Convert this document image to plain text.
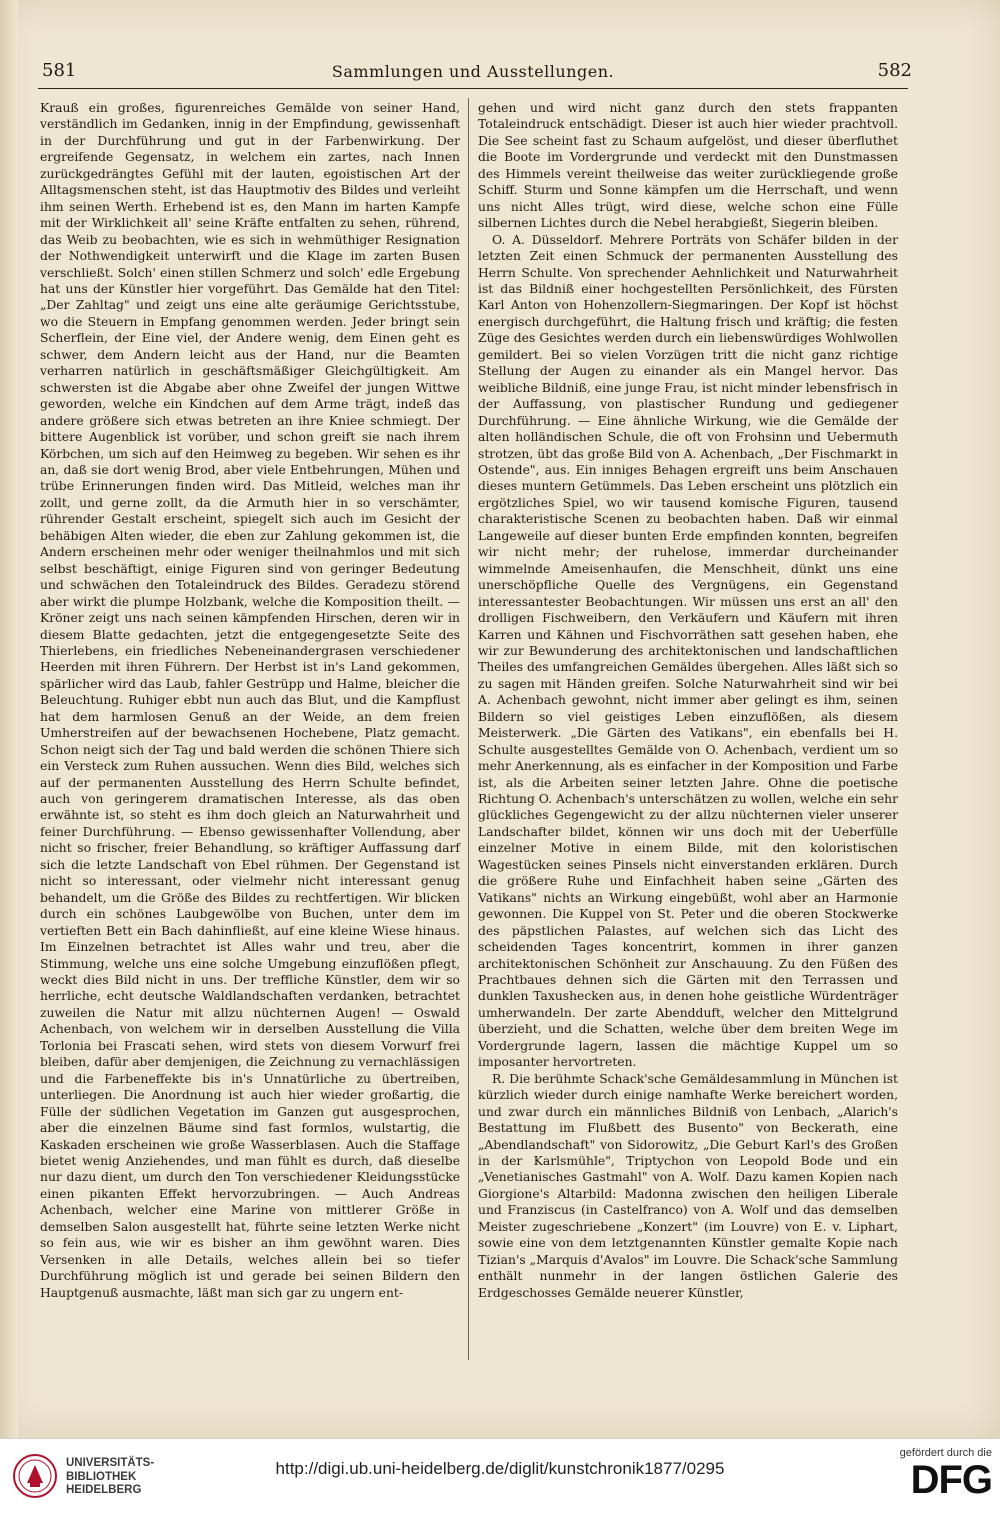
581	Sammlungen und Ausstellungen.	582

Krauß ein großes, figurenreiches Gemälde von seiner Hand, verständlich im Gedanken, innig in der Empfindung, gewissenhaft in der Durchführung und gut in der Farbenwirkung. Der ergreifende Gegensatz, in welchem ein zartes, nach Innen zurückgedrängtes Gefühl mit der lauten, egoistischen Art der Alltagsmenschen steht, ist das Hauptmotiv des Bildes und verleiht ihm seinen Werth. Erhebend ist es, den Mann im harten Kampfe mit der Wirklichkeit all' seine Kräfte entfalten zu sehen, rührend, das Weib zu beobachten, wie es sich in wehmüthiger Resignation der Nothwendigkeit unterwirft und die Klage im zarten Busen verschließt. Solch' einen stillen Schmerz und solch' edle Ergebung hat uns der Künstler hier vorgeführt. Das Gemälde hat den Titel: „Der Zahltag" und zeigt uns eine alte geräumige Gerichtsstube, wo die Steuern in Empfang genommen werden. Jeder bringt sein Scherflein, der Eine viel, der Andere wenig, dem Einen geht es schwer, dem Andern leicht aus der Hand, nur die Beamten verharren natürlich in geschäftsmäßiger Gleichgültigkeit. Am schwersten ist die Abgabe aber ohne Zweifel der jungen Wittwe geworden, welche ein Kindchen auf dem Arme trägt, indeß das andere größere sich etwas betreten an ihre Kniee schmiegt. Der bittere Augenblick ist vorüber, und schon greift sie nach ihrem Körbchen, um sich auf den Heimweg zu begeben. Wir sehen es ihr an, daß sie dort wenig Brod, aber viele Entbehrungen, Mühen und trübe Erinnerungen finden wird. Das Mitleid, welches man ihr zollt, und gerne zollt, da die Armuth hier in so verschämter, rührender Gestalt erscheint, spiegelt sich auch im Gesicht der behäbigen Alten wieder, die eben zur Zahlung gekommen ist, die Andern erscheinen mehr oder weniger theilnahmlos und mit sich selbst beschäftigt, einige Figuren sind von geringer Bedeutung und schwächen den Totaleindruck des Bildes. Geradezu störend aber wirkt die plumpe Holzbank, welche die Komposition theilt. — Kröner zeigt uns nach seinen kämpfenden Hirschen, deren wir in diesem Blatte gedachten, jetzt die entgegengesetzte Seite des Thierlebens, ein friedliches Nebeneinandergrasen verschiedener Heerden mit ihren Führern. Der Herbst ist in's Land gekommen, spärlicher wird das Laub, fahler Gestrüpp und Halme, bleicher die Beleuchtung. Ruhiger ebbt nun auch das Blut, und die Kampflust hat dem harmlosen Genuß an der Weide, an dem freien Umherstreifen auf der bewachsenen Hochebene, Platz gemacht. Schon neigt sich der Tag und bald werden die schönen Thiere sich ein Versteck zum Ruhen aussuchen. Wenn dies Bild, welches sich auf der permanenten Ausstellung des Herrn Schulte befindet, auch von geringerem dramatischen Interesse, als das oben erwähnte ist, so steht es ihm doch gleich an Naturwahrheit und feiner Durchführung. — Ebenso gewissenhafter Vollendung, aber nicht so frischer, freier Behandlung, so kräftiger Auffassung darf sich die letzte Landschaft von Ebel rühmen. Der Gegenstand ist nicht so interessant, oder vielmehr nicht interessant genug behandelt, um die Größe des Bildes zu rechtfertigen. Wir blicken durch ein schönes Laubgewölbe von Buchen, unter dem im vertieften Bett ein Bach dahinfließt, auf eine kleine Wiese hinaus. Im Einzelnen betrachtet ist Alles wahr und treu, aber die Stimmung, welche uns eine solche Umgebung einzuflößen pflegt, weckt dies Bild nicht in uns. Der treffliche Künstler, dem wir so herrliche, echt deutsche Waldlandschaften verdanken, betrachtet zuweilen die Natur mit allzu nüchternen Augen! — Oswald Achenbach, von welchem wir in derselben Ausstellung die Villa Torlonia bei Frascati sehen, wird stets von diesem Vorwurf frei bleiben, dafür aber demjenigen, die Zeichnung zu vernachlässigen und die Farbeneffekte bis in's Unnatürliche zu übertreiben, unterliegen. Die Anordnung ist auch hier wieder großartig, die Fülle der südlichen Vegetation im Ganzen gut ausgesprochen, aber die einzelnen Bäume sind fast formlos, wulstartig, die Kaskaden erscheinen wie große Wasserblasen. Auch die Staffage bietet wenig Anziehendes, und man fühlt es durch, daß dieselbe nur dazu dient, um durch den Ton verschiedener Kleidungsstücke einen pikanten Effekt hervorzubringen. — Auch Andreas Achenbach, welcher eine Marine von mittlerer Größe in demselben Salon ausgestellt hat, führte seine letzten Werke nicht so fein aus, wie wir es bisher an ihm gewöhnt waren. Dies Versenken in alle Details, welches allein bei so tiefer Durchführung möglich ist und gerade bei seinen Bildern den Hauptgenuß ausmachte, läßt man sich gar zu ungern ent-

gehen und wird nicht ganz durch den stets frappanten Totaleindruck entschädigt. Dieser ist auch hier wieder prachtvoll. Die See scheint fast zu Schaum aufgelöst, und dieser überfluthet die Boote im Vordergrunde und verdeckt mit den Dunstmassen des Himmels vereint theilweise das weiter zurückliegende große Schiff. Sturm und Sonne kämpfen um die Herrschaft, und wenn uns nicht Alles trügt, wird diese, welche schon eine Fülle silbernen Lichtes durch die Nebel herabgießt, Siegerin bleiben.

O. A. Düsseldorf. Mehrere Porträts von Schäfer bilden in der letzten Zeit einen Schmuck der permanenten Ausstellung des Herrn Schulte. Von sprechender Aehnlichkeit und Naturwahrheit ist das Bildniß einer hochgestellten Persönlichkeit, des Fürsten Karl Anton von Hohenzollern-Siegmaringen. Der Kopf ist höchst energisch durchgeführt, die Haltung frisch und kräftig; die festen Züge des Gesichtes werden durch ein liebenswürdiges Wohlwollen gemildert. Bei so vielen Vorzügen tritt die nicht ganz richtige Stellung der Augen zu einander als ein Mangel hervor. Das weibliche Bildniß, eine junge Frau, ist nicht minder lebensfrisch in der Auffassung, von plastischer Rundung und gediegener Durchführung. — Eine ähnliche Wirkung, wie die Gemälde der alten holländischen Schule, die oft von Frohsinn und Uebermuth strotzen, übt das große Bild von A. Achenbach, „Der Fischmarkt in Ostende", aus. Ein inniges Behagen ergreift uns beim Anschauen dieses muntern Getümmels. Das Leben erscheint uns plötzlich ein ergötzliches Spiel, wo wir tausend komische Figuren, tausend charakteristische Scenen zu beobachten haben. Daß wir einmal Langeweile auf dieser bunten Erde empfinden konnten, begreifen wir nicht mehr; der ruhelose, immerdar durcheinander wimmelnde Ameisenhaufen, die Menschheit, dünkt uns eine unerschöpfliche Quelle des Vergnügens, ein Gegenstand interessantester Beobachtungen. Wir müssen uns erst an all' den drolligen Fischweibern, den Verkäufern und Käufern mit ihren Karren und Kähnen und Fischvorräthen satt gesehen haben, ehe wir zur Bewunderung des architektonischen und landschaftlichen Theiles des umfangreichen Gemäldes übergehen. Alles läßt sich so zu sagen mit Händen greifen. Solche Naturwahrheit sind wir bei A. Achenbach gewohnt, nicht immer aber gelingt es ihm, seinen Bildern so viel geistiges Leben einzuflößen, als diesem Meisterwerk. „Die Gärten des Vatikans", ein ebenfalls bei H. Schulte ausgestelltes Gemälde von O. Achenbach, verdient um so mehr Anerkennung, als es einfacher in der Komposition und Farbe ist, als die Arbeiten seiner letzten Jahre. Ohne die poetische Richtung O. Achenbach's unterschätzen zu wollen, welche ein sehr glückliches Gegengewicht zu der allzu nüchternen vieler unserer Landschafter bildet, können wir uns doch mit der Ueberfülle einzelner Motive in einem Bilde, mit den koloristischen Wagestücken seines Pinsels nicht einverstanden erklären. Durch die größere Ruhe und Einfachheit haben seine „Gärten des Vatikans" nichts an Wirkung eingebüßt, wohl aber an Harmonie gewonnen. Die Kuppel von St. Peter und die oberen Stockwerke des päpstlichen Palastes, auf welchen sich das Licht des scheidenden Tages koncentrirt, kommen in ihrer ganzen architektonischen Schönheit zur Anschauung. Zu den Füßen des Prachtbaues dehnen sich die Gärten mit den Terrassen und dunklen Taxushecken aus, in denen hohe geistliche Würdenträger umherwandeln. Der zarte Abendduft, welcher den Mittelgrund überzieht, und die Schatten, welche über dem breiten Wege im Vordergrunde lagern, lassen die mächtige Kuppel um so imposanter hervortreten.

R. Die berühmte Schack'sche Gemäldesammlung in München ist kürzlich wieder durch einige namhafte Werke bereichert worden, und zwar durch ein männliches Bildniß von Lenbach, „Alarich's Bestattung im Flußbett des Busento" von Beckerath, eine „Abendlandschaft" von Sidorowitz, „Die Geburt Karl's des Großen in der Karlsmühle", Triptychon von Leopold Bode und ein „Venetianisches Gastmahl" von A. Wolf. Dazu kamen Kopien nach Giorgione's Altarbild: Madonna zwischen den heiligen Liberale und Franziscus (in Castelfranco) von A. Wolf und das demselben Meister zugeschriebene „Konzert" (im Louvre) von E. v. Liphart, sowie eine von dem letztgenannten Künstler gemalte Kopie nach Tizian's „Marquis d'Avalos" im Louvre. Die Schack'sche Sammlung enthält nunmehr in der langen östlichen Galerie des Erdgeschosses Gemälde neuerer Künstler,

UNIVERSITÄTS-
BIBLIOTHEK
HEIDELBERG
http://digi.ub.uni-heidelberg.de/diglit/kunstchronik1877/0295
gefördert durch die
DFG
